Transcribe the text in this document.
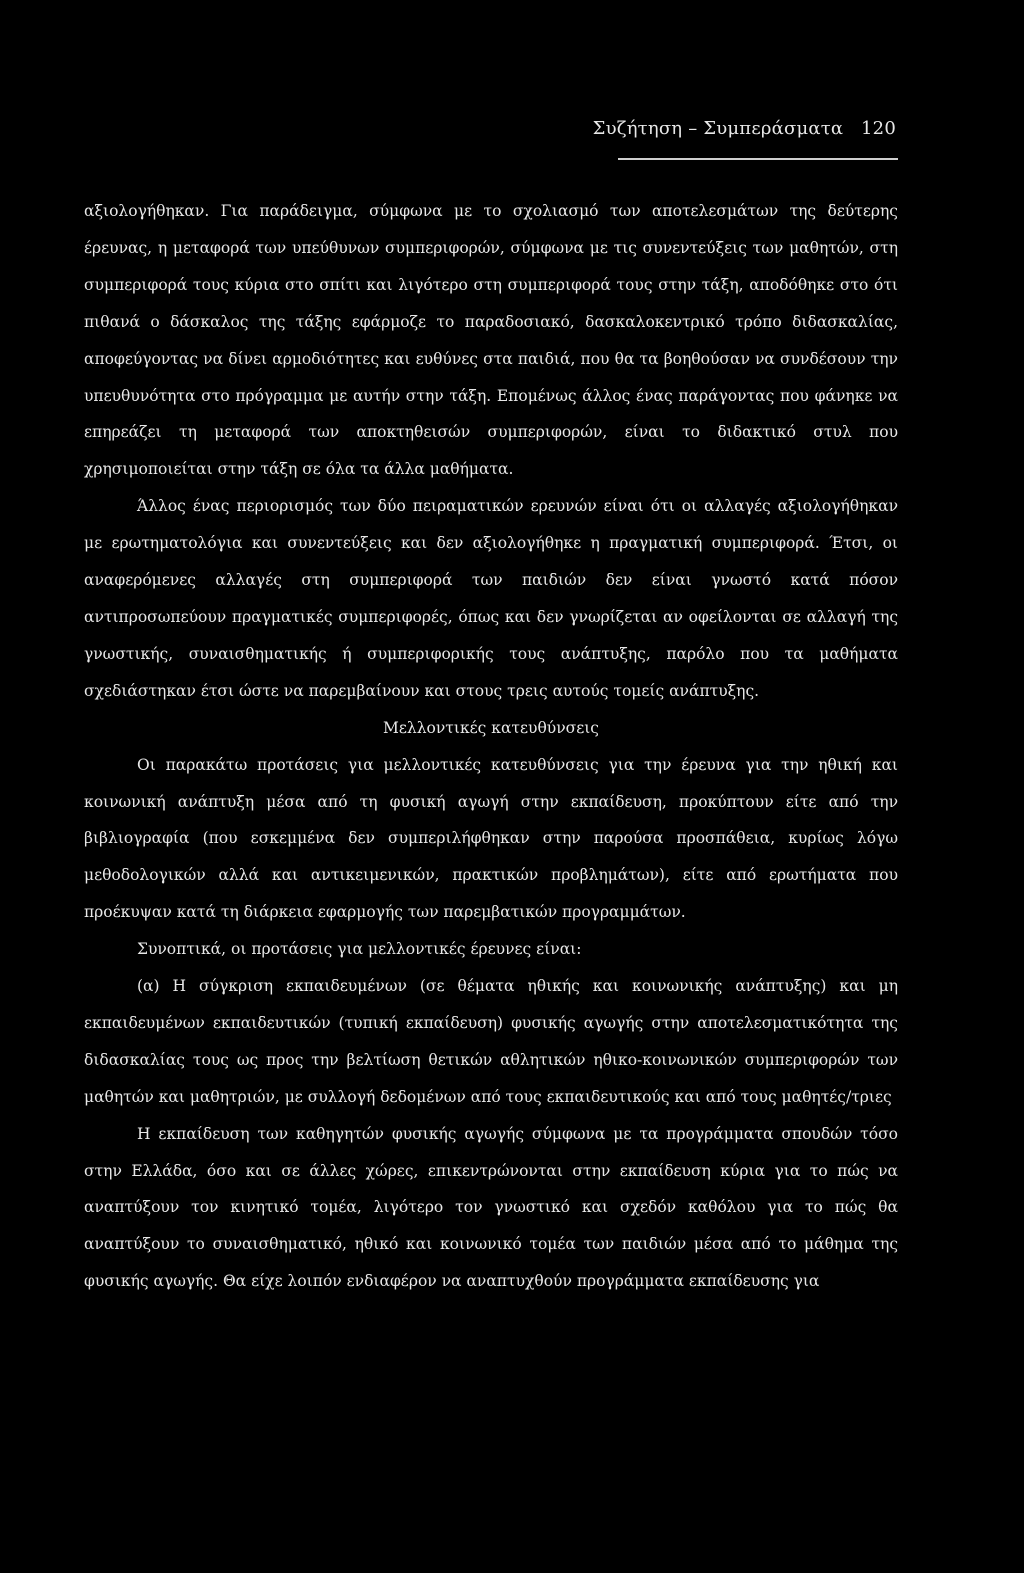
Συζήτηση – Συμπεράσματα 120

αξιολογήθηκαν. Για παράδειγμα, σύμφωνα με το σχολιασμό των αποτελεσμάτων της δεύτερης έρευνας, η μεταφορά των υπεύθυνων συμπεριφορών, σύμφωνα με τις συνεντεύξεις των μαθητών, στη συμπεριφορά τους κύρια στο σπίτι και λιγότερο στη συμπεριφορά τους στην τάξη, αποδόθηκε στο ότι πιθανά ο δάσκαλος της τάξης εφάρμοζε το παραδοσιακό, δασκαλοκεντρικό τρόπο διδασκαλίας, αποφεύγοντας να δίνει αρμοδιότητες και ευθύνες στα παιδιά, που θα τα βοηθούσαν να συνδέσουν την υπευθυνότητα στο πρόγραμμα με αυτήν στην τάξη. Επομένως άλλος ένας παράγοντας που φάνηκε να επηρεάζει τη μεταφορά των αποκτηθεισών συμπεριφορών, είναι το διδακτικό στυλ που χρησιμοποιείται στην τάξη σε όλα τα άλλα μαθήματα.

Άλλος ένας περιορισμός των δύο πειραματικών ερευνών είναι ότι οι αλλαγές αξιολογήθηκαν με ερωτηματολόγια και συνεντεύξεις και δεν αξιολογήθηκε η πραγματική συμπεριφορά. Έτσι, οι αναφερόμενες αλλαγές στη συμπεριφορά των παιδιών δεν είναι γνωστό κατά πόσον αντιπροσωπεύουν πραγματικές συμπεριφορές, όπως και δεν γνωρίζεται αν οφείλονται σε αλλαγή της γνωστικής, συναισθηματικής ή συμπεριφορικής τους ανάπτυξης, παρόλο που τα μαθήματα σχεδιάστηκαν έτσι ώστε να παρεμβαίνουν και στους τρεις αυτούς τομείς ανάπτυξης.

Μελλοντικές κατευθύνσεις

Οι παρακάτω προτάσεις για μελλοντικές κατευθύνσεις για την έρευνα για την ηθική και κοινωνική ανάπτυξη μέσα από τη φυσική αγωγή στην εκπαίδευση, προκύπτουν είτε από την βιβλιογραφία (που εσκεμμένα δεν συμπεριλήφθηκαν στην παρούσα προσπάθεια, κυρίως λόγω μεθοδολογικών αλλά και αντικειμενικών, πρακτικών προβλημάτων), είτε από ερωτήματα που προέκυψαν κατά τη διάρκεια εφαρμογής των παρεμβατικών προγραμμάτων.

Συνοπτικά, οι προτάσεις για μελλοντικές έρευνες είναι:

(α) Η σύγκριση εκπαιδευμένων (σε θέματα ηθικής και κοινωνικής ανάπτυξης) και μη εκπαιδευμένων εκπαιδευτικών (τυπική εκπαίδευση) φυσικής αγωγής στην αποτελεσματικότητα της διδασκαλίας τους ως προς την βελτίωση θετικών αθλητικών ηθικο-κοινωνικών συμπεριφορών των μαθητών και μαθητριών, με συλλογή δεδομένων από τους εκπαιδευτικούς και από τους μαθητές/τριες

Η εκπαίδευση των καθηγητών φυσικής αγωγής σύμφωνα με τα προγράμματα σπουδών τόσο στην Ελλάδα, όσο και σε άλλες χώρες, επικεντρώνονται στην εκπαίδευση κύρια για το πώς να αναπτύξουν τον κινητικό τομέα, λιγότερο τον γνωστικό και σχεδόν καθόλου για το πώς θα αναπτύξουν το συναισθηματικό, ηθικό και κοινωνικό τομέα των παιδιών μέσα από το μάθημα της φυσικής αγωγής. Θα είχε λοιπόν ενδιαφέρον να αναπτυχθούν προγράμματα εκπαίδευσης για
